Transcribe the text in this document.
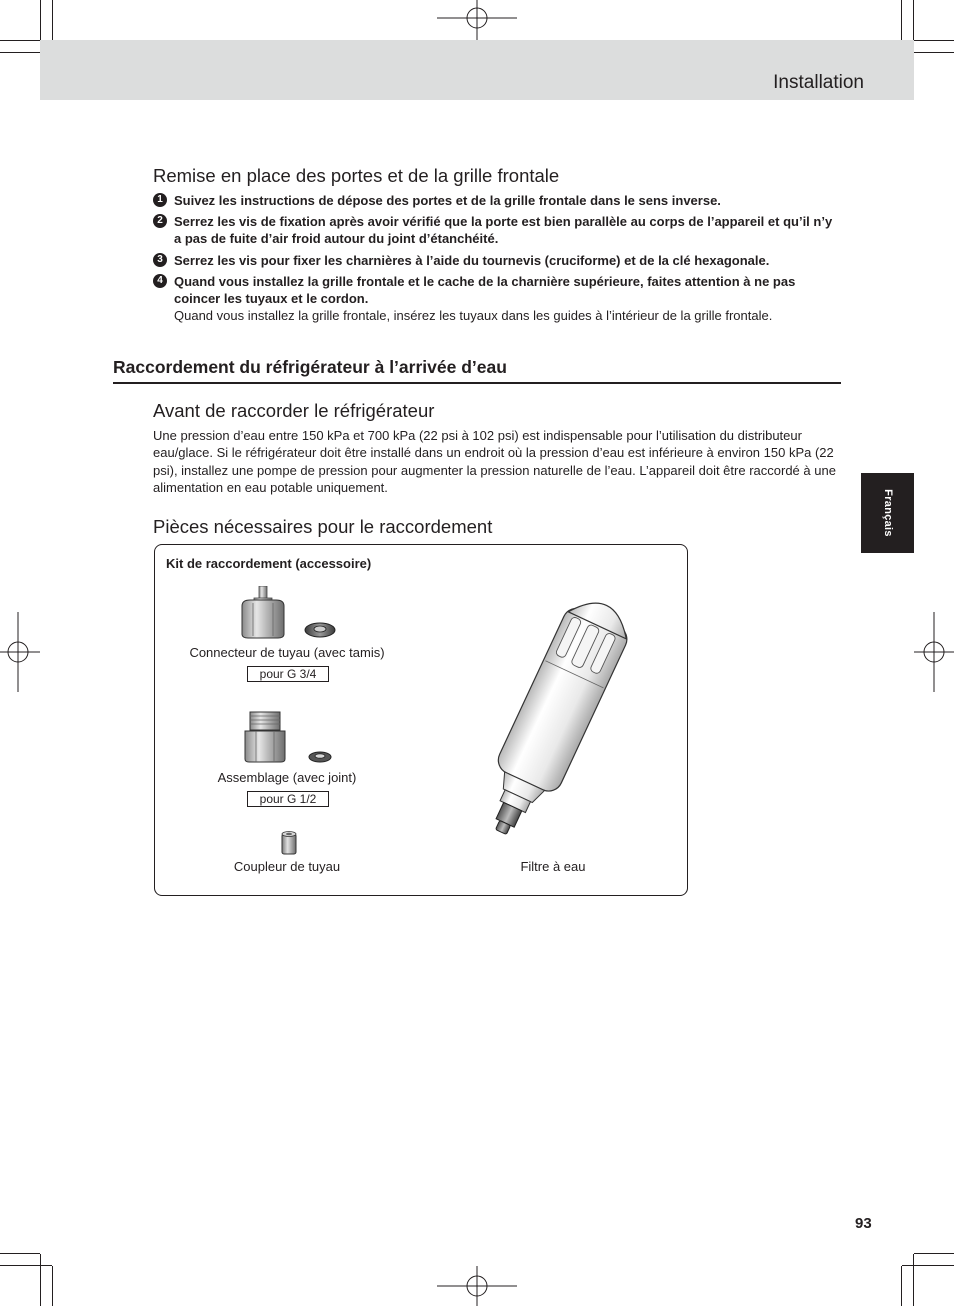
Installation
Remise en place des portes et de la grille frontale
1 Suivez les instructions de dépose des portes et de la grille frontale dans le sens inverse.
2 Serrez les vis de fixation après avoir vérifié que la porte est bien parallèle au corps de l’appareil et qu’il n’y a pas de fuite d’air froid autour du joint d’étanchéité.
3 Serrez les vis pour fixer les charnières à l’aide du tournevis (cruciforme) et de la clé hexagonale.
4 Quand vous installez la grille frontale et le cache de la charnière supérieure, faites attention à ne pas coincer les tuyaux et le cordon.
Quand vous installez la grille frontale, insérez les tuyaux dans les guides à l’intérieur de la grille frontale.
Raccordement du réfrigérateur à l’arrivée d’eau
Avant de raccorder le réfrigérateur
Une pression d’eau entre 150 kPa et 700 kPa (22 psi à 102 psi) est indispensable pour l’utilisation du distributeur eau/glace. Si le réfrigérateur doit être installé dans un endroit où la pression d’eau est inférieure à environ 150 kPa (22 psi), installez une pompe de pression pour augmenter la pression naturelle de l’eau. L’appareil doit être raccordé à une alimentation en eau potable uniquement.
Pièces nécessaires pour le raccordement
Kit de raccordement (accessoire)
Connecteur de tuyau (avec tamis)
pour G 3/4
Assemblage (avec joint)
pour G 1/2
Coupleur de tuyau	Filtre à eau
Français
93
